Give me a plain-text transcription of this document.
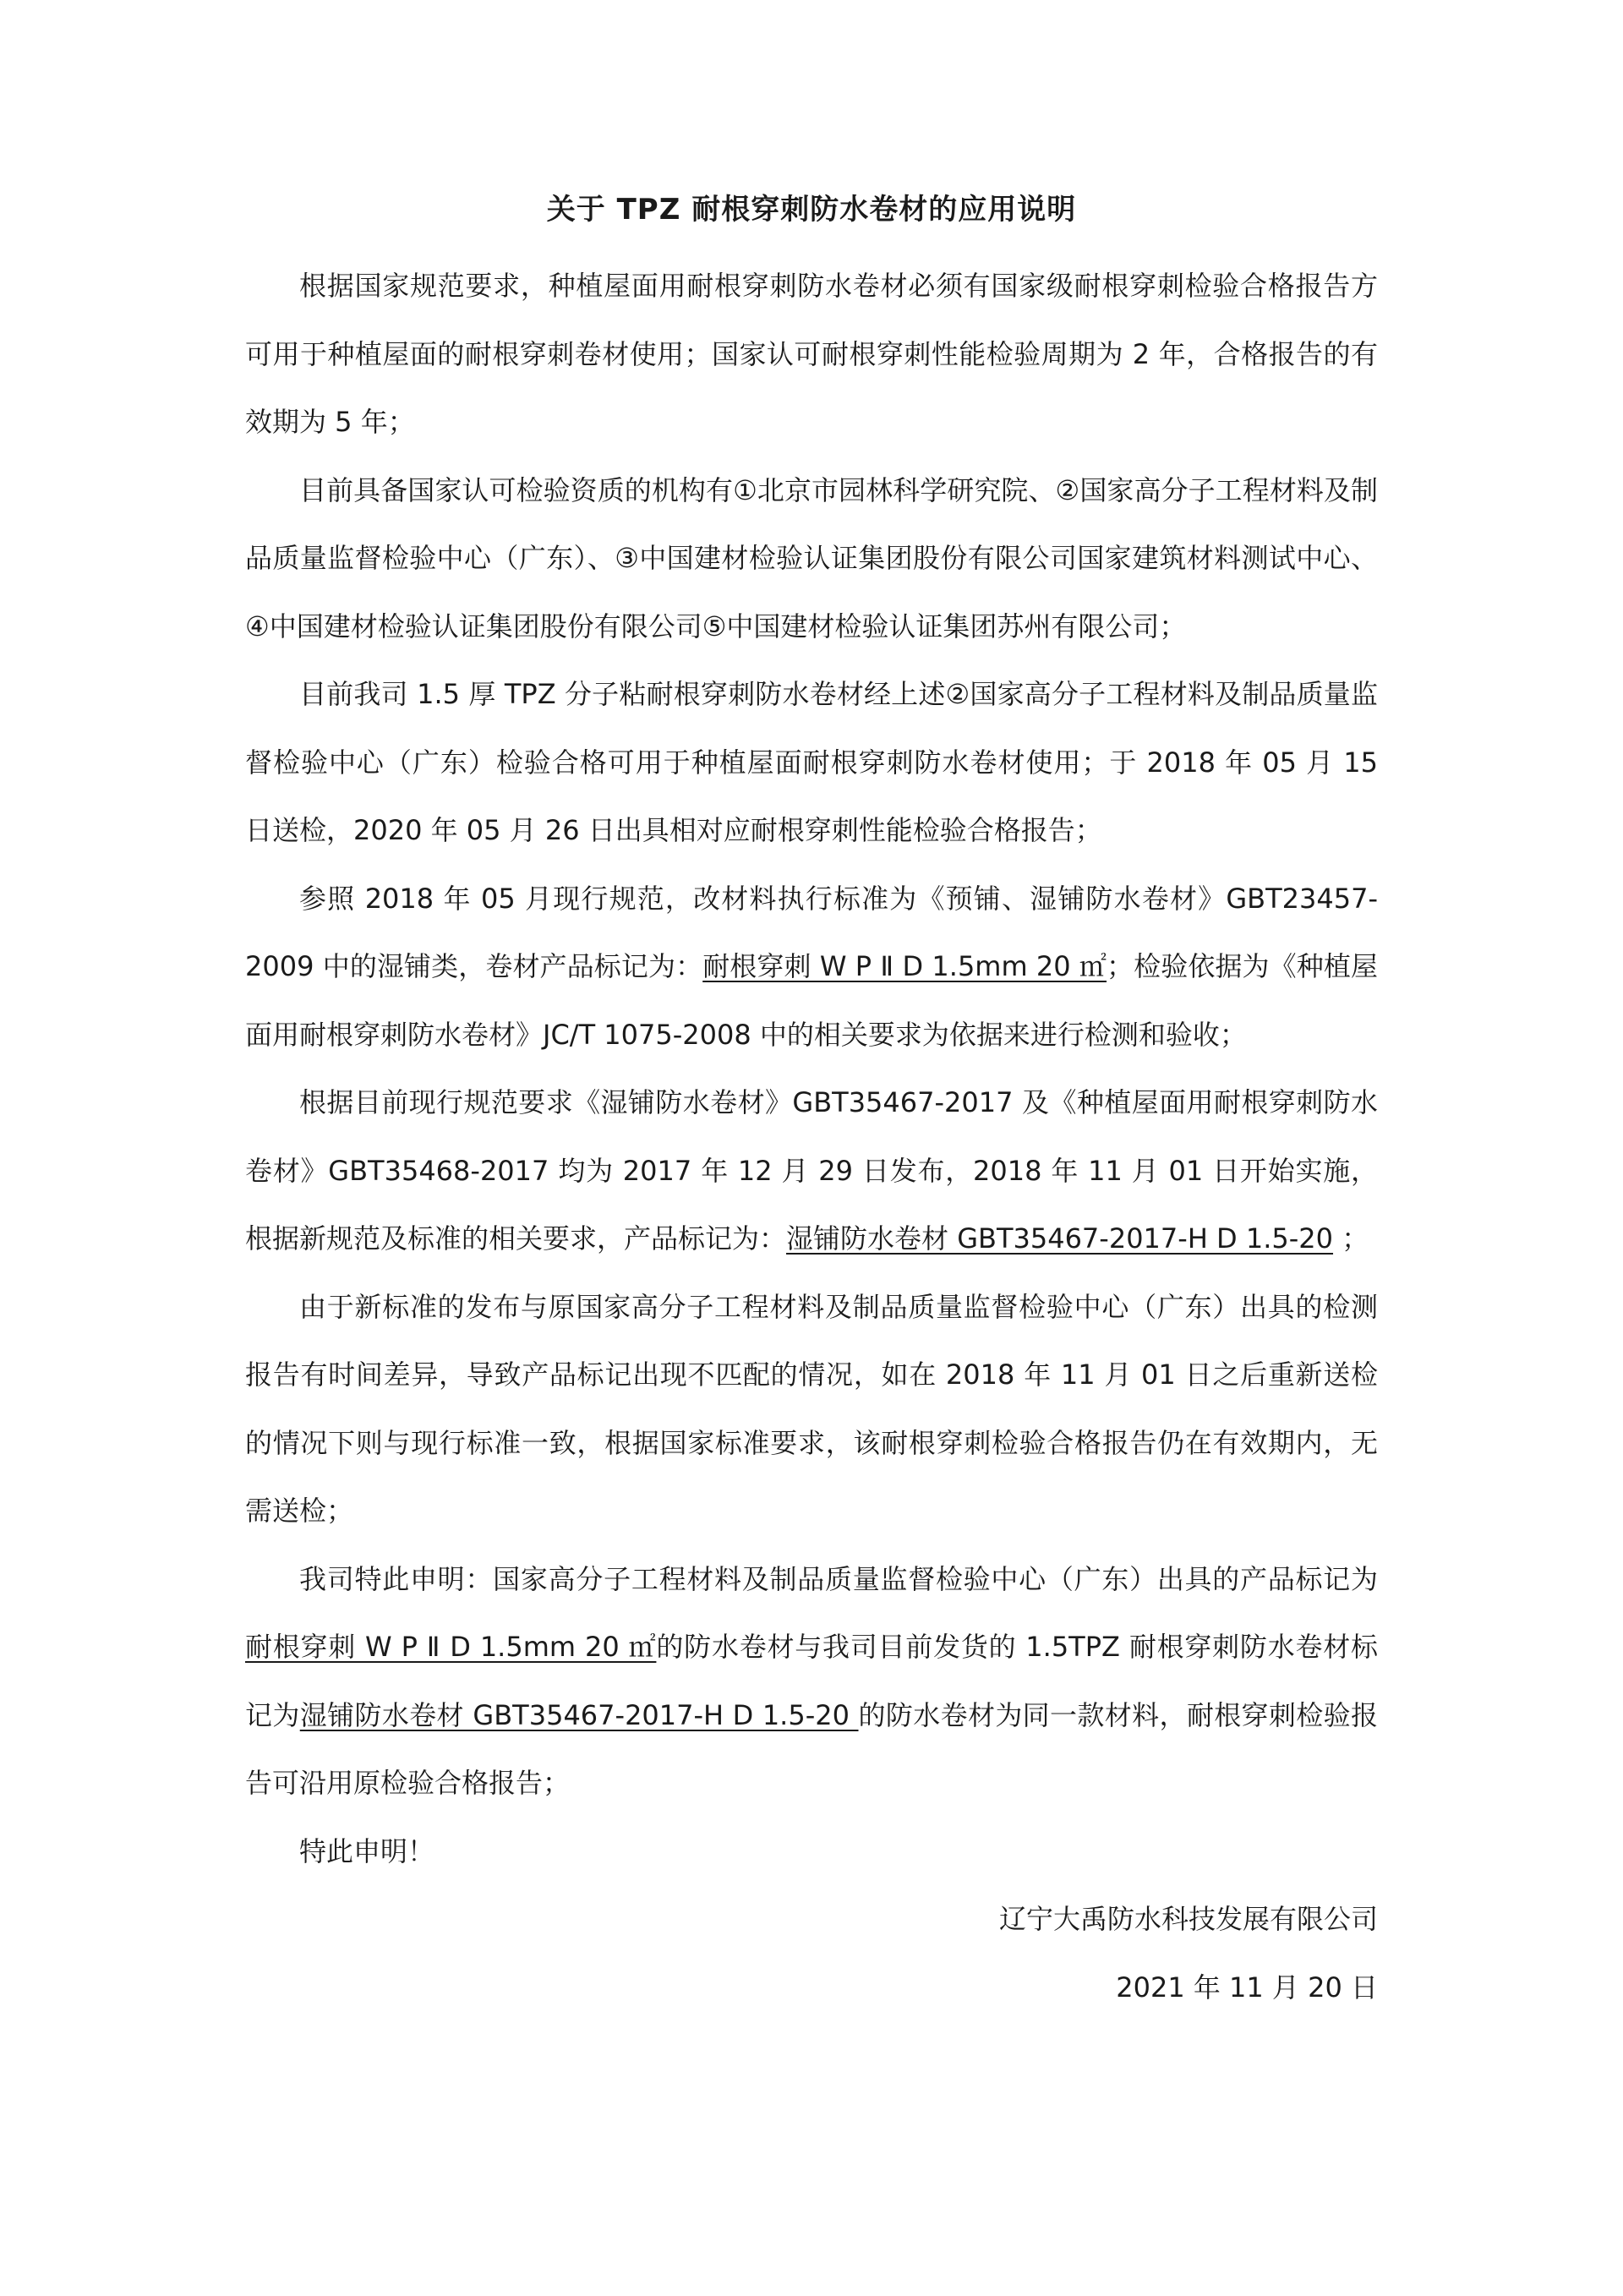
关于 TPZ 耐根穿刺防水卷材的应用说明

根据国家规范要求，种植屋面用耐根穿刺防水卷材必须有国家级耐根穿刺检验合格报告方可用于种植屋面的耐根穿刺卷材使用；国家认可耐根穿刺性能检验周期为 2 年，合格报告的有效期为 5 年；

目前具备国家认可检验资质的机构有①北京市园林科学研究院、②国家高分子工程材料及制品质量监督检验中心（广东）、③中国建材检验认证集团股份有限公司国家建筑材料测试中心、④中国建材检验认证集团股份有限公司⑤中国建材检验认证集团苏州有限公司；

目前我司 1.5 厚 TPZ 分子粘耐根穿刺防水卷材经上述②国家高分子工程材料及制品质量监督检验中心（广东）检验合格可用于种植屋面耐根穿刺防水卷材使用；于 2018 年 05 月 15 日送检，2020 年 05 月 26 日出具相对应耐根穿刺性能检验合格报告；

参照 2018 年 05 月现行规范，改材料执行标准为《预铺、湿铺防水卷材》GBT23457-2009 中的湿铺类，卷材产品标记为：耐根穿刺 W P Ⅱ D 1.5mm 20 ㎡；检验依据为《种植屋面用耐根穿刺防水卷材》JC/T 1075-2008 中的相关要求为依据来进行检测和验收；

根据目前现行规范要求《湿铺防水卷材》GBT35467-2017 及《种植屋面用耐根穿刺防水卷材》GBT35468-2017 均为 2017 年 12 月 29 日发布，2018 年 11 月 01 日开始实施，根据新规范及标准的相关要求，产品标记为：湿铺防水卷材 GBT35467-2017-H D 1.5-20 ；

由于新标准的发布与原国家高分子工程材料及制品质量监督检验中心（广东）出具的检测报告有时间差异，导致产品标记出现不匹配的情况，如在 2018 年 11 月 01 日之后重新送检的情况下则与现行标准一致，根据国家标准要求，该耐根穿刺检验合格报告仍在有效期内，无需送检；

我司特此申明：国家高分子工程材料及制品质量监督检验中心（广东）出具的产品标记为耐根穿刺 W P Ⅱ D 1.5mm 20 ㎡的防水卷材与我司目前发货的 1.5TPZ 耐根穿刺防水卷材标记为湿铺防水卷材 GBT35467-2017-H D 1.5-20 的防水卷材为同一款材料，耐根穿刺检验报告可沿用原检验合格报告；

特此申明！

辽宁大禹防水科技发展有限公司

2021 年 11 月 20 日
